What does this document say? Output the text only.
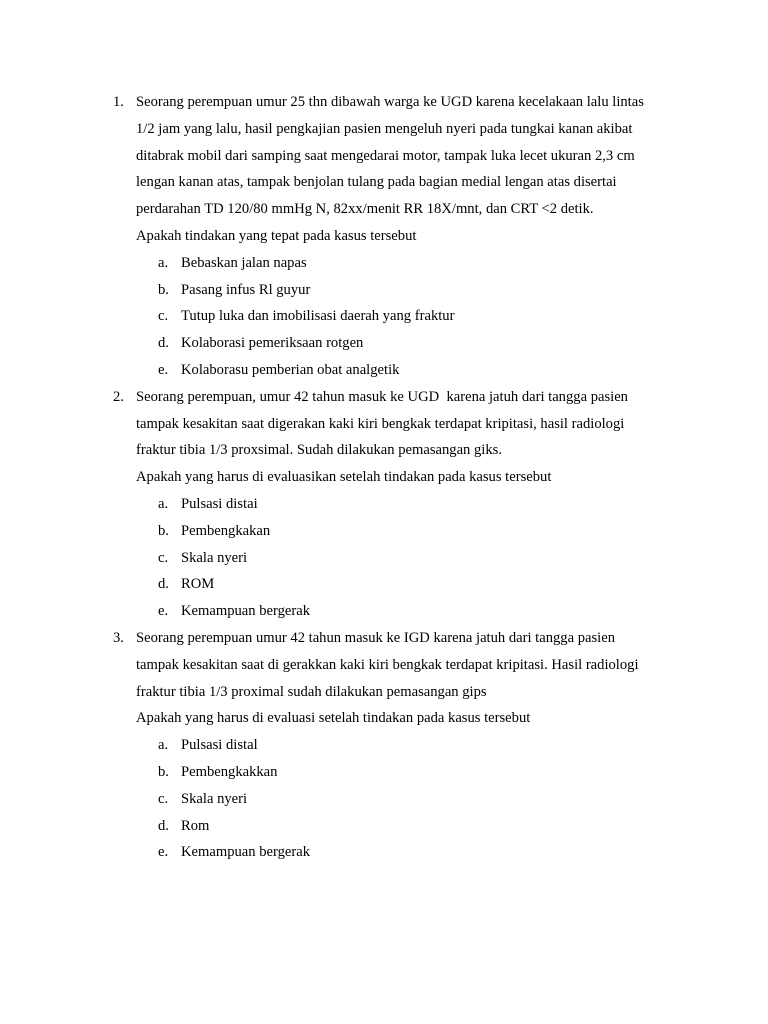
1. Seorang perempuan umur 25 thn dibawah warga ke UGD karena kecelakaan lalu lintas
1/2 jam yang lalu, hasil pengkajian pasien mengeluh nyeri pada tungkai kanan akibat
ditabrak mobil dari samping saat mengedarai motor, tampak luka lecet ukuran 2,3 cm
lengan kanan atas, tampak benjolan tulang pada bagian medial lengan atas disertai
perdarahan TD 120/80 mmHg N, 82xx/menit RR 18X/mnt, dan CRT <2 detik.
Apakah tindakan yang tepat pada kasus tersebut
a. Bebaskan jalan napas
b. Pasang infus Rl guyur
c. Tutup luka dan imobilisasi daerah yang fraktur
d. Kolaborasi pemeriksaan rotgen
e. Kolaborasu pemberian obat analgetik
2. Seorang perempuan, umur 42 tahun masuk ke UGD  karena jatuh dari tangga pasien
tampak kesakitan saat digerakan kaki kiri bengkak terdapat kripitasi, hasil radiologi
fraktur tibia 1/3 proxsimal. Sudah dilakukan pemasangan giks.
Apakah yang harus di evaluasikan setelah tindakan pada kasus tersebut
a. Pulsasi distai
b. Pembengkakan
c. Skala nyeri
d. ROM
e. Kemampuan bergerak
3. Seorang perempuan umur 42 tahun masuk ke IGD karena jatuh dari tangga pasien
tampak kesakitan saat di gerakkan kaki kiri bengkak terdapat kripitasi. Hasil radiologi
fraktur tibia 1/3 proximal sudah dilakukan pemasangan gips
Apakah yang harus di evaluasi setelah tindakan pada kasus tersebut
a. Pulsasi distal
b. Pembengkakkan
c. Skala nyeri
d. Rom
e. Kemampuan bergerak
